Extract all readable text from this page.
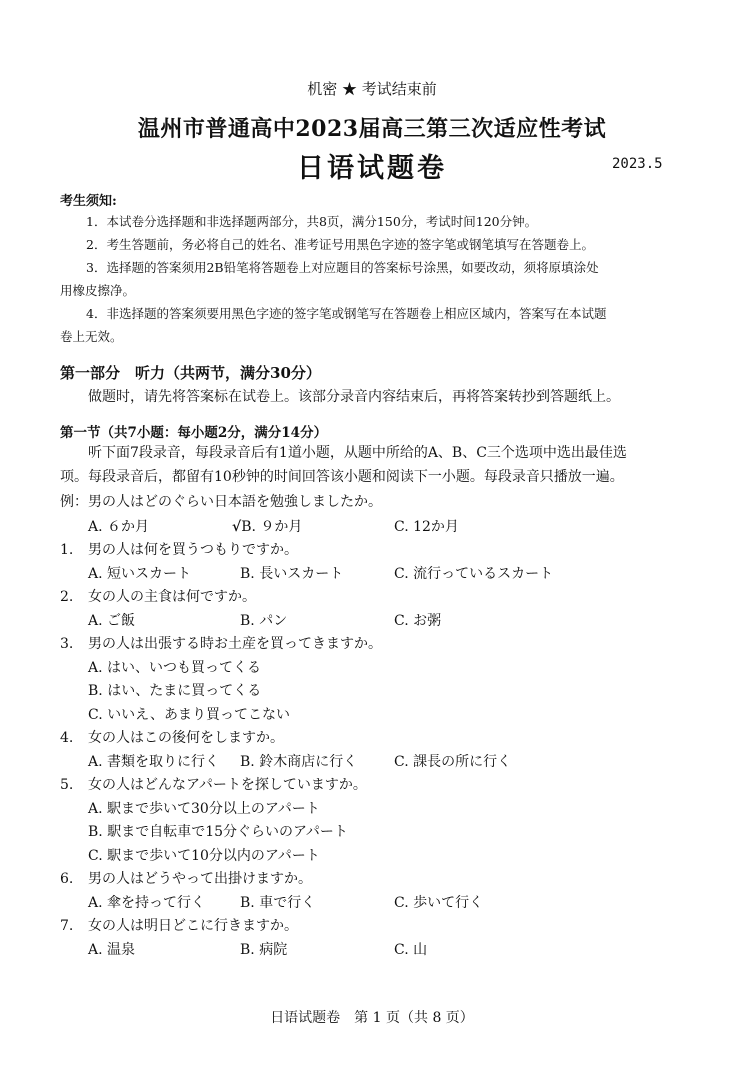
机密 ★ 考试结束前
温州市普通高中2023届高三第三次适应性考试
日语试题卷	2023.5
考生须知:
1．本试卷分选择题和非选择题两部分，共8页，满分150分，考试时间120分钟。
2．考生答题前，务必将自己的姓名、准考证号用黑色字迹的签字笔或钢笔填写在答题卷上。
3．选择题的答案须用2B铅笔将答题卷上对应题目的答案标号涂黑，如要改动，须将原填涂处
用橡皮擦净。
4．非选择题的答案须要用黑色字迹的签字笔或钢笔写在答题卷上相应区域内，答案写在本试题
卷上无效。
第一部分　听力（共两节，满分30分）
做题时，请先将答案标在试卷上。该部分录音内容结束后，再将答案转抄到答题纸上。
第一节（共7小题：每小题2分，满分14分）
听下面7段录音，每段录音后有1道小题，从题中所给的A、B、C三个选项中选出最佳选
项。每段录音后，都留有10秒钟的时间回答该小题和阅读下一小题。每段录音只播放一遍。
例：男の人はどのぐらい日本語を勉強しましたか。
A. ６か月	√B. ９か月	C. 12か月
1. 男の人は何を買うつもりですか。
A. 短いスカート	B. 長いスカート	C. 流行っているスカート
2. 女の人の主食は何ですか。
A. ご飯	B. パン	C. お粥
3. 男の人は出張する時お土産を買ってきますか。
A. はい、いつも買ってくる
B. はい、たまに買ってくる
C. いいえ、あまり買ってこない
4. 女の人はこの後何をしますか。
A. 書類を取りに行く B. 鈴木商店に行く	C. 課長の所に行く
5. 女の人はどんなアパートを探していますか。
A. 駅まで歩いて30分以上のアパート
B. 駅まで自転車で15分ぐらいのアパート
C. 駅まで歩いて10分以内のアパート
6. 男の人はどうやって出掛けますか。
A. 傘を持って行く B. 車で行く	C. 歩いて行く
7. 女の人は明日どこに行きますか。
A. 温泉	B. 病院	C. 山
日语试题卷　第 1 页（共 8 页）
